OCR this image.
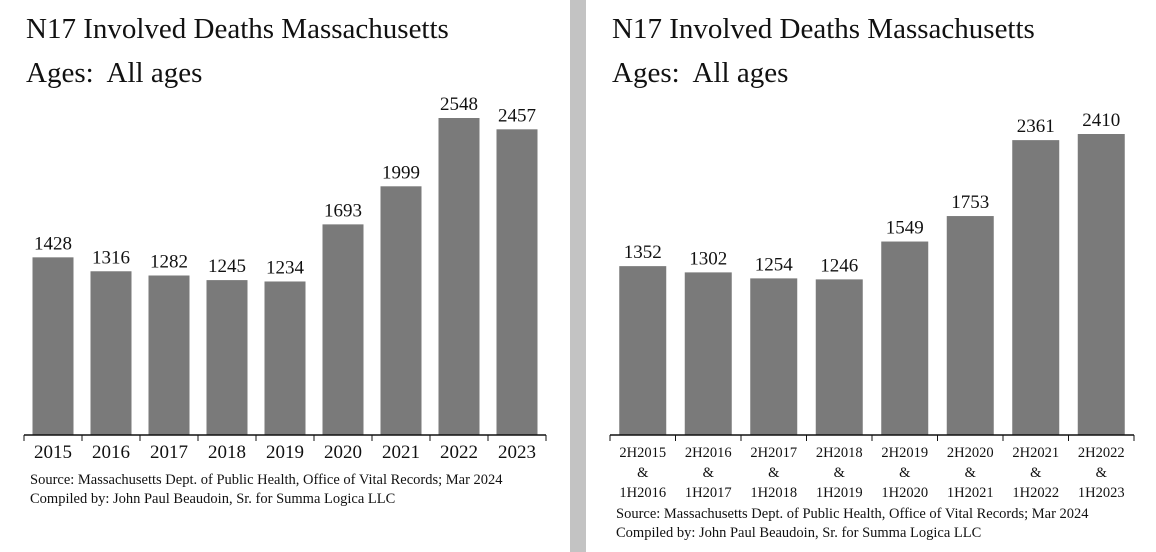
N17 Involved Deaths Massachusetts
Ages:  All ages
1428
2015
1316
2016
1282
2017
1245
2018
1234
2019
1693
2020
1999
2021
2548
2022
2457
2023

Source: Massachusetts Dept. of Public Health, Office of Vital Records; Mar 2024

Compiled by: John Paul Beaudoin, Sr. for Summa Logica LLC

N17 Involved Deaths Massachusetts
Ages:  All ages
1352
2H2015
&
1H2016
1302
2H2016
&
1H2017
1254
2H2017
&
1H2018
1246
2H2018
&
1H2019
1549
2H2019
&
1H2020
1753
2H2020
&
1H2021
2361
2H2021
&
1H2022
2410
2H2022
&
1H2023

Source: Massachusetts Dept. of Public Health, Office of Vital Records; Mar 2024

Compiled by: John Paul Beaudoin, Sr. for Summa Logica LLC
